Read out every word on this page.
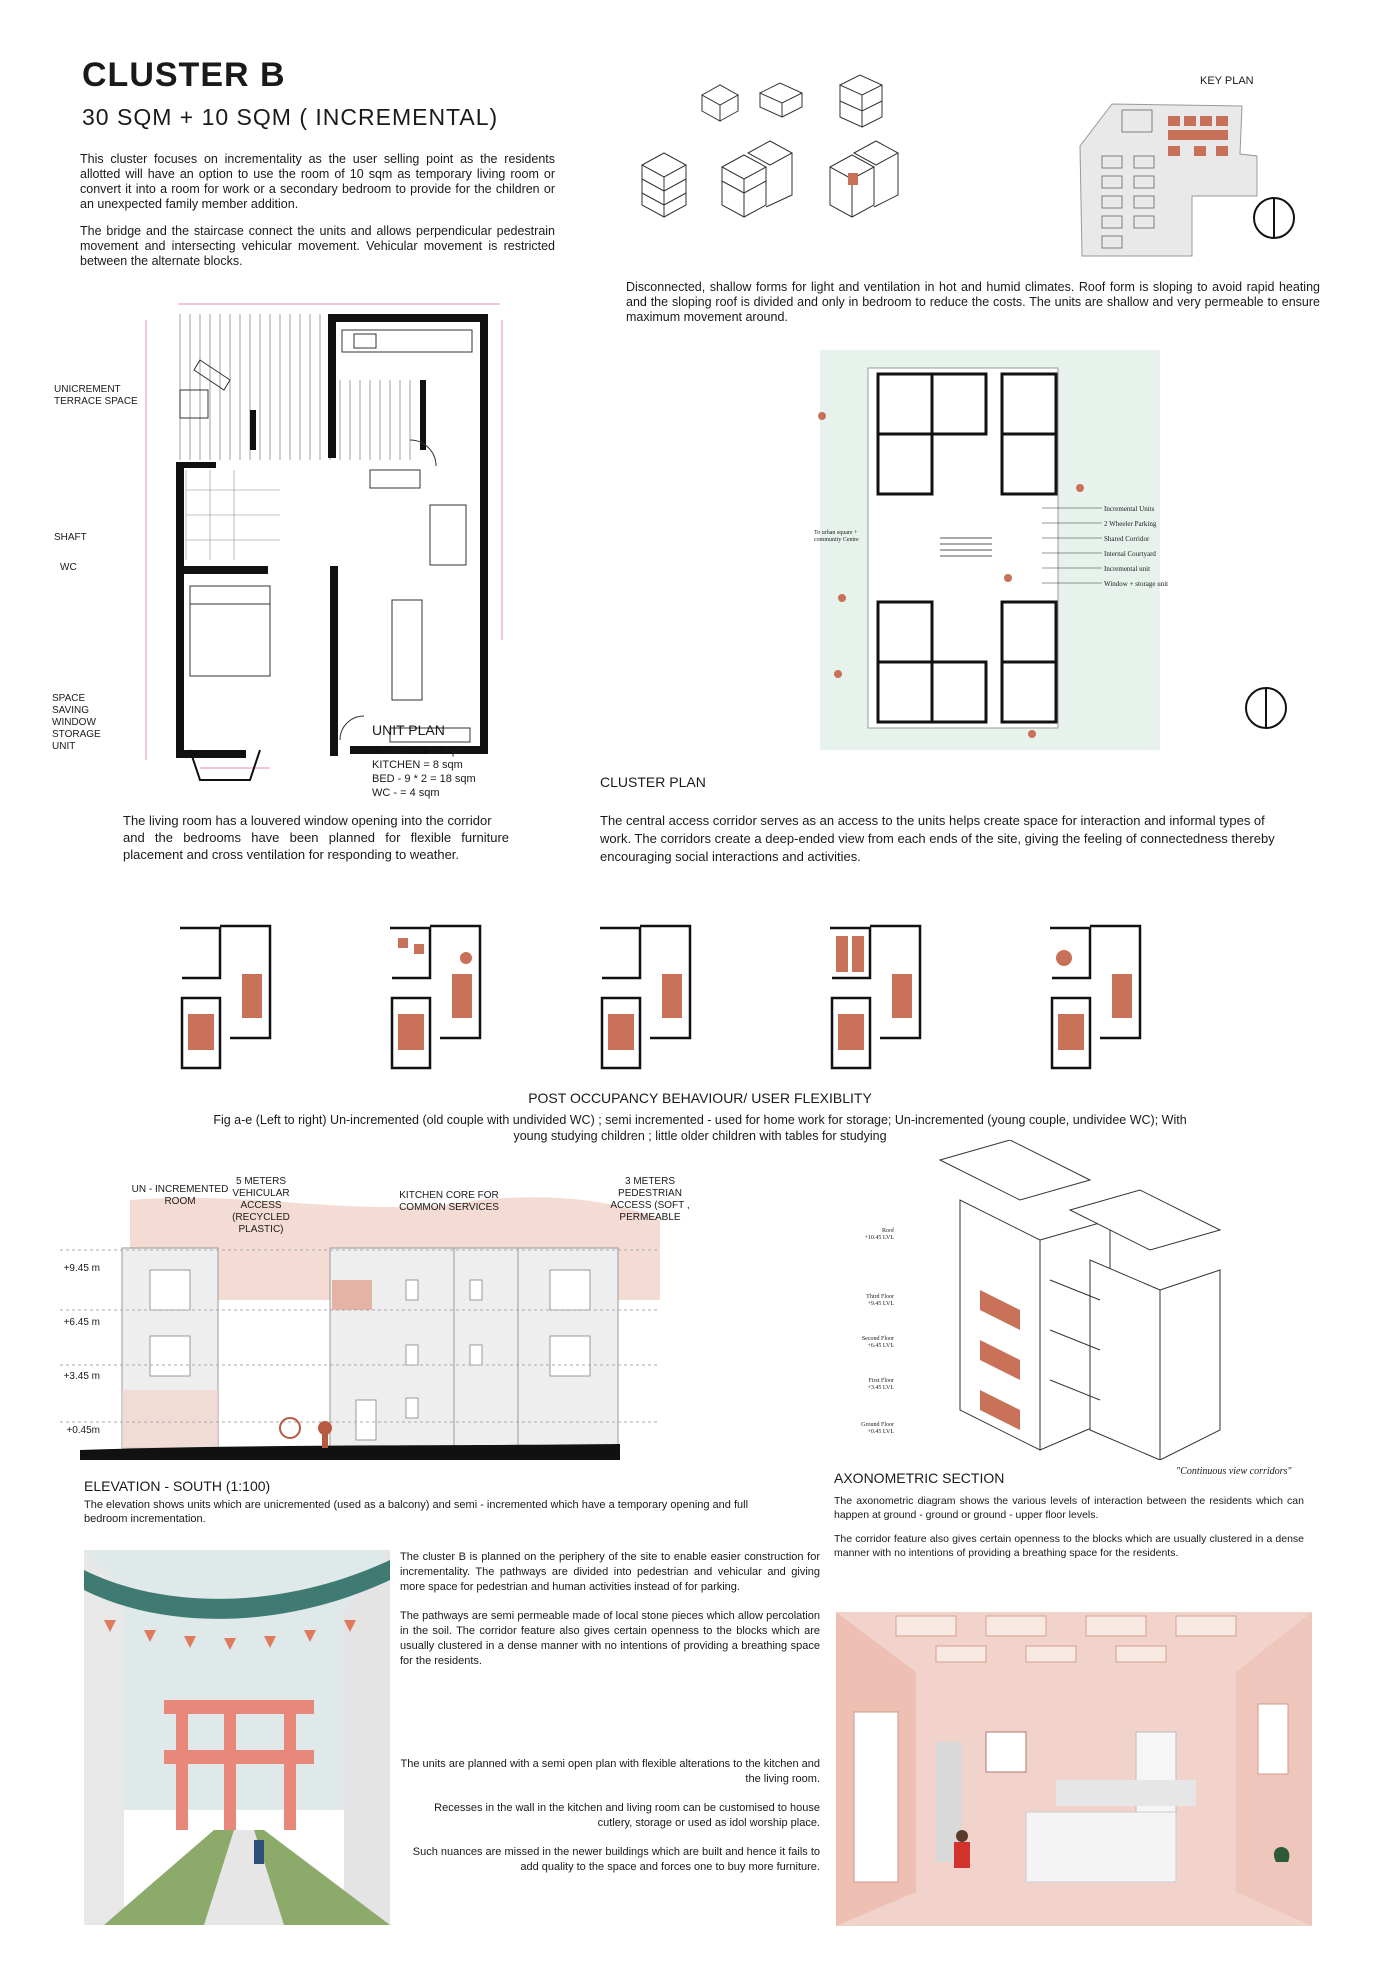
CLUSTER B
30 SQM + 10 SQM ( INCREMENTAL)

This cluster focuses on incrementality as the user selling point as the residents allotted will have an option to use the room of 10 sqm as temporary living room or convert it into a room for work or a secondary bedroom to provide for the children or an unexpected family member addition.

The bridge and the staircase connect the units and allows perpendicular pedestrain movement and intersecting vehicular movement. Vehicular movement is restricted between the alternate blocks.

KEY PLAN
Disconnected, shallow forms for light and ventilation in hot and humid climates. Roof form is sloping to avoid rapid heating and the sloping roof is divided and only in bedroom to reduce the costs. The units are shallow and very permeable to ensure maximum movement around.
UNICREMENT TERRACE SPACE
SHAFT
WC
SPACE SAVING WINDOW STORAGE UNIT
UNIT PLAN
LIVING - = 10 sqm
KITCHEN = 8 sqm
BED - 9 * 2 = 18 sqm
WC - = 4 sqm
The living room has a louvered window opening into the corridor
and the bedrooms have been planned for flexible furniture placement and cross ventilation for responding to weather.
Incremental Units
2 Wheeler Parking
Shared Corridor
Internal Courtyard
Incremental unit
Window + storage unit
To urban square + community Centre
CLUSTER PLAN
The central access corridor serves as an access to the units helps create space for interaction and informal types of work. The corridors create a deep-ended view from each ends of the site, giving the feeling of connectedness thereby encouraging social interactions and activities.
POST OCCUPANCY BEHAVIOUR/ USER FLEXIBLITY
Fig a-e (Left to right) Un-incremented (old couple with undivided WC) ; semi incremented - used for home work for storage; Un-incremented (young couple, undividee WC); With young studying children ; little older children with tables for studying
+9.45 m
+6.45 m
+3.45 m
+0.45m
UN - INCREMENTED ROOM
5 METERS VEHICULAR ACCESS (RECYCLED PLASTIC)
KITCHEN CORE FOR COMMON SERVICES
3 METERS PEDESTRIAN ACCESS (SOFT , PERMEABLE
ELEVATION - SOUTH (1:100)
The elevation shows units which are unicremented (used as a balcony) and semi - incremented which have a temporary opening and full bedroom incrementation.
Roof
+10.45 LVL
Third Floor
+9.45 LVL
Second Floor
+6.45 LVL
First Floor
+3.45 LVL
Ground Floor
+0.45 LVL
"Continuous view corridors"
AXONOMETRIC SECTION

The axonometric diagram shows the various levels of interaction between the residents which can happen at ground - ground or ground - upper floor levels.

The corridor feature also gives certain openness to the blocks which are usually clustered in a dense manner with no intentions of providing a breathing space for the residents.

The cluster B is planned on the periphery of the site to enable easier construction for incrementality. The pathways are divided into pedestrian and vehicular and giving more space for pedestrian and human activities instead of for parking.

The pathways are semi permeable made of local stone pieces which allow percolation in the soil. The corridor feature also gives certain openness to the blocks which are usually clustered in a dense manner with no intentions of providing a breathing space for the residents.

The units are planned with a semi open plan with flexible alterations to the kitchen and the living room.

Recesses in the wall in the kitchen and living room can be customised to house cutlery, storage or used as idol worship place.

Such nuances are missed in the newer buildings which are built and hence it fails to add quality to the space and forces one to buy more furniture.
